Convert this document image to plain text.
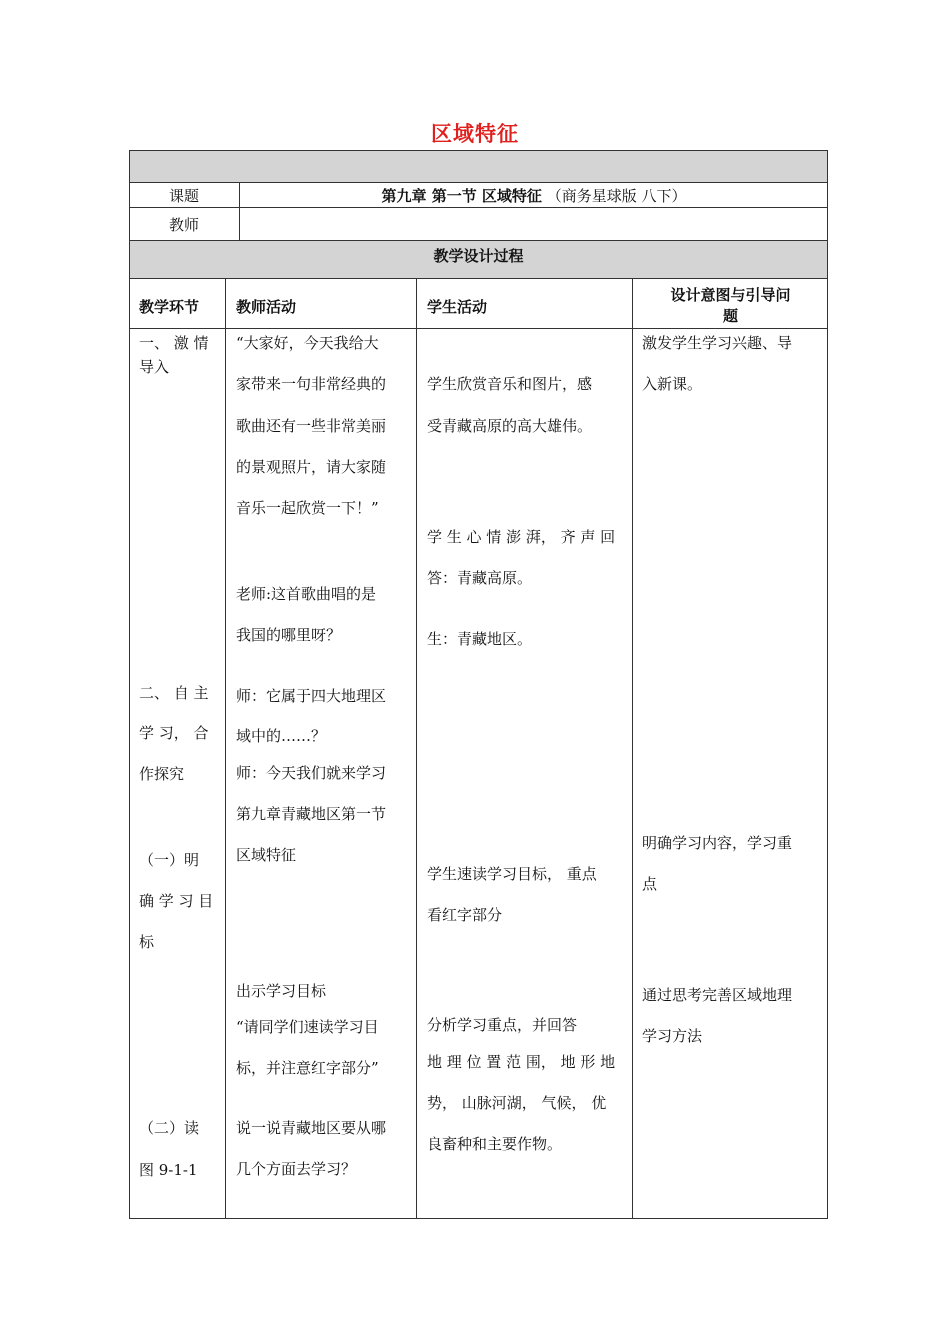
区域特征
课题	第九章 第一节 区域特征 （商务星球版 八下）
教师
教学设计过程
教学环节 教师活动	学生活动
设计意图与引导问
题
一、 激 情
导入
二、 自 主
学 习， 合
作探究
（一）明
确 学 习 目
标
（二）读
图 9-1-1
“大家好，今天我给大
家带来一句非常经典的
歌曲还有一些非常美丽
的景观照片，请大家随
音乐一起欣赏一下！”
老师:这首歌曲唱的是
我国的哪里呀？
师：它属于四大地理区
域中的……？
师：今天我们就来学习
第九章青藏地区第一节
区域特征
出示学习目标
“请同学们速读学习目
标，并注意红字部分”
说一说青藏地区要从哪
几个方面去学习？
学生欣赏音乐和图片，感
受青藏高原的高大雄伟。
学 生 心 情 澎 湃， 齐 声 回
答：青藏高原。
生：青藏地区。
学生速读学习目标， 重点
看红字部分
分析学习重点，并回答
地 理 位 置 范 围， 地 形 地
势， 山脉河湖， 气候， 优
良畜种和主要作物。
激发学生学习兴趣、导
入新课。
明确学习内容，学习重
点
通过思考完善区域地理
学习方法
